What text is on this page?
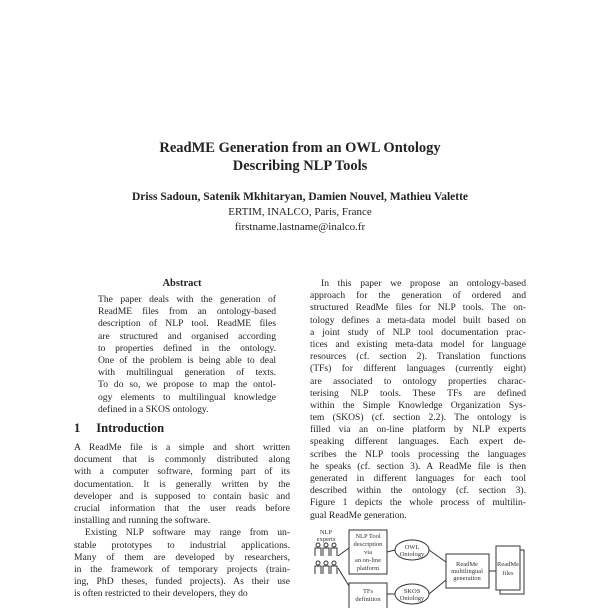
ReadME Generation from an OWL Ontology
Describing NLP Tools
Driss Sadoun, Satenik Mkhitaryan, Damien Nouvel, Mathieu Valette
ERTIM, INALCO, Paris, France
firstname.lastname@inalco.fr
Abstract
The paper deals with the generation of
ReadME files from an ontology-based
description of NLP tool. ReadME files
are structured and organised according
to properties defined in the ontology.
One of the problem is being able to deal
with multilingual generation of texts.
To do so, we propose to map the ontol-
ogy elements to multilingual knowledge
defined in a SKOS ontology.
1 Introduction
A ReadMe file is a simple and short written
document that is commonly distributed along
with a computer software, forming part of its
documentation. It is generally written by the
developer and is supposed to contain basic and
crucial information that the user reads before
installing and running the software.
Existing NLP software may range from un-
stable prototypes to industrial applications.
Many of them are developed by researchers,
in the framework of temporary projects (train-
ing, PhD theses, funded projects). As their use
is often restricted to their developers, they do
In this paper we propose an ontology-based
approach for the generation of ordered and
structured ReadMe files for NLP tools. The on-
tology defines a meta-data model built based on
a joint study of NLP tool documentation prac-
tices and existing meta-data model for language
resources (cf. section 2). Translation functions
(TFs) for different languages (currently eight)
are associated to ontology properties charac-
terising NLP tools. These TFs are defined
within the Simple Knowledge Organization Sys-
tem (SKOS) (cf. section 2.2). The ontology is
filled via an on-line platform by NLP experts
speaking different languages. Each expert de-
scribes the NLP tools processing the languages
he speaks (cf. section 3). A ReadMe file is then
generated in different languages for each tool
described within the ontology (cf. section 3).
Figure 1 depicts the whole process of multilin-
gual ReadMe generation.
NLP
experts	NLP Tool
description
via
an on-line
platform
OWL
Ontology
TFs
definition
SKOS
Ontology
ReadMe
multilingual
generation
ReadMe
files
